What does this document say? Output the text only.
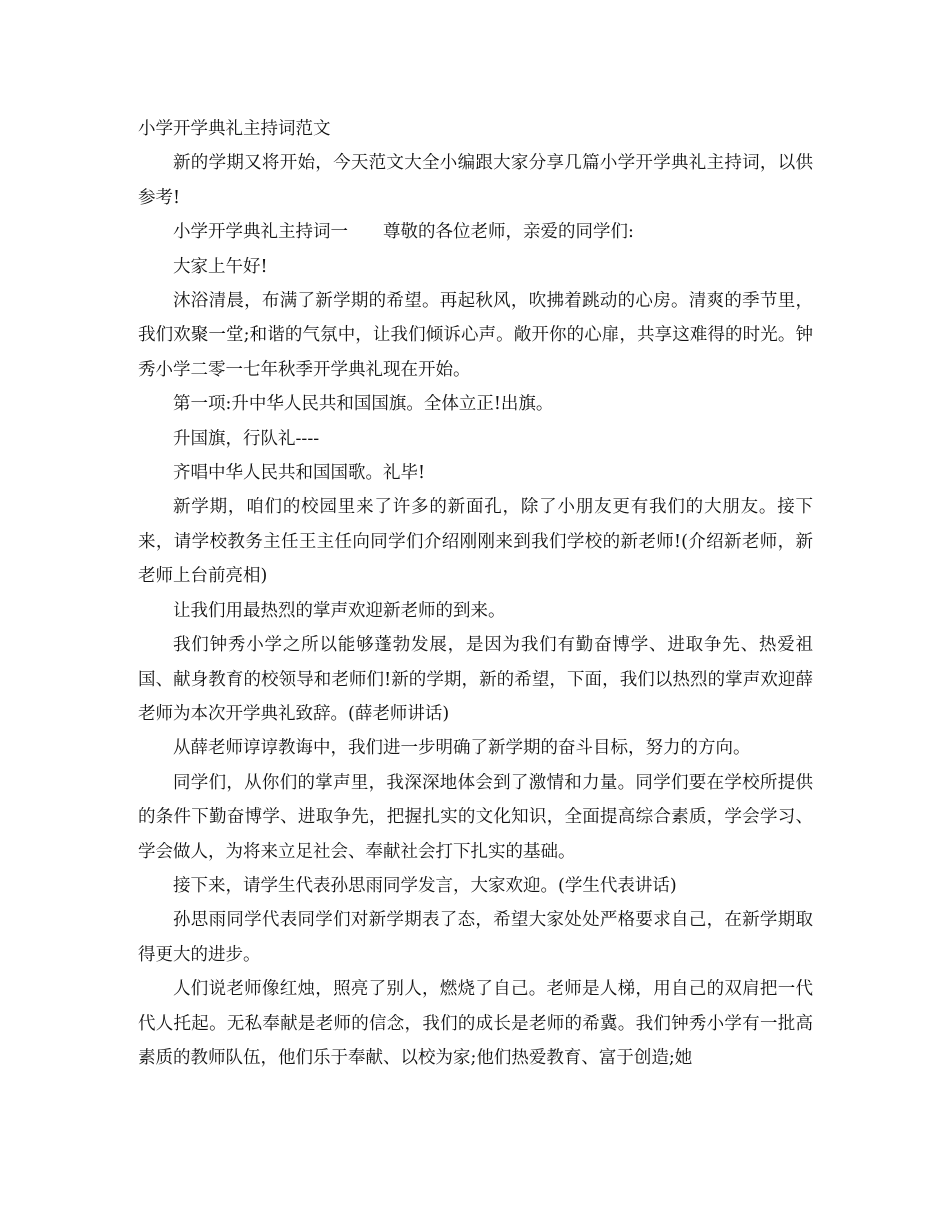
小学开学典礼主持词范文

新的学期又将开始，今天范文大全小编跟大家分享几篇小学开学典礼主持词，以供参考!

小学开学典礼主持词一　　尊敬的各位老师，亲爱的同学们:

大家上午好!

沐浴清晨，布满了新学期的希望。再起秋风，吹拂着跳动的心房。清爽的季节里，我们欢聚一堂;和谐的气氛中，让我们倾诉心声。敞开你的心扉，共享这难得的时光。钟秀小学二零一七年秋季开学典礼现在开始。

第一项:升中华人民共和国国旗。全体立正!出旗。

升国旗，行队礼----

齐唱中华人民共和国国歌。礼毕!

新学期，咱们的校园里来了许多的新面孔，除了小朋友更有我们的大朋友。接下来，请学校教务主任王主任向同学们介绍刚刚来到我们学校的新老师!(介绍新老师，新老师上台前亮相)

让我们用最热烈的掌声欢迎新老师的到来。

我们钟秀小学之所以能够蓬勃发展，是因为我们有勤奋博学、进取争先、热爱祖国、献身教育的校领导和老师们!新的学期，新的希望，下面，我们以热烈的掌声欢迎薛老师为本次开学典礼致辞。(薛老师讲话)

从薛老师谆谆教诲中，我们进一步明确了新学期的奋斗目标，努力的方向。

同学们，从你们的掌声里，我深深地体会到了激情和力量。同学们要在学校所提供的条件下勤奋博学、进取争先，把握扎实的文化知识，全面提高综合素质，学会学习、学会做人，为将来立足社会、奉献社会打下扎实的基础。

接下来，请学生代表孙思雨同学发言，大家欢迎。(学生代表讲话)

孙思雨同学代表同学们对新学期表了态，希望大家处处严格要求自己，在新学期取得更大的进步。

人们说老师像红烛，照亮了别人，燃烧了自己。老师是人梯，用自己的双肩把一代代人托起。无私奉献是老师的信念，我们的成长是老师的希冀。我们钟秀小学有一批高素质的教师队伍，他们乐于奉献、以校为家;他们热爱教育、富于创造;她
